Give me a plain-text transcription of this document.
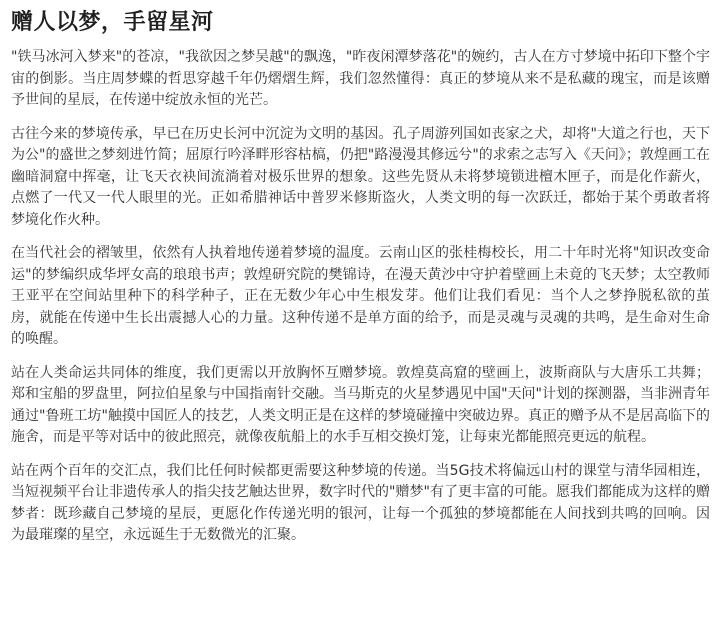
赠人以梦，手留星河

"铁马冰河入梦来"的苍凉，"我欲因之梦吴越"的飘逸，"昨夜闲潭梦落花"的婉约，古人在方寸梦境中拓印下整个宇宙的倒影。当庄周梦蝶的哲思穿越千年仍熠熠生辉，我们忽然懂得：真正的梦境从来不是私藏的瑰宝，而是该赠予世间的星辰，在传递中绽放永恒的光芒。

古往今来的梦境传承，早已在历史长河中沉淀为文明的基因。孔子周游列国如丧家之犬，却将"大道之行也，天下为公"的盛世之梦刻进竹简；屈原行吟泽畔形容枯槁，仍把"路漫漫其修远兮"的求索之志写入《天问》；敦煌画工在幽暗洞窟中挥毫，让飞天衣袂间流淌着对极乐世界的想象。这些先贤从未将梦境锁进檀木匣子，而是化作薪火，点燃了一代又一代人眼里的光。正如希腊神话中普罗米修斯盗火，人类文明的每一次跃迁，都始于某个勇敢者将梦境化作火种。

在当代社会的褶皱里，依然有人执着地传递着梦境的温度。云南山区的张桂梅校长，用二十年时光将"知识改变命运"的梦编织成华坪女高的琅琅书声；敦煌研究院的樊锦诗，在漫天黄沙中守护着壁画上未竟的飞天梦；太空教师王亚平在空间站里种下的科学种子，正在无数少年心中生根发芽。他们让我们看见：当个人之梦挣脱私欲的茧房，就能在传递中生长出震撼人心的力量。这种传递不是单方面的给予，而是灵魂与灵魂的共鸣，是生命对生命的唤醒。

站在人类命运共同体的维度，我们更需以开放胸怀互赠梦境。敦煌莫高窟的壁画上，波斯商队与大唐乐工共舞；郑和宝船的罗盘里，阿拉伯星象与中国指南针交融。当马斯克的火星梦遇见中国"天问"计划的探测器，当非洲青年通过"鲁班工坊"触摸中国匠人的技艺，人类文明正是在这样的梦境碰撞中突破边界。真正的赠予从不是居高临下的施舍，而是平等对话中的彼此照亮，就像夜航船上的水手互相交换灯笼，让每束光都能照亮更远的航程。

站在两个百年的交汇点，我们比任何时候都更需要这种梦境的传递。当5G技术将偏远山村的课堂与清华园相连，当短视频平台让非遗传承人的指尖技艺触达世界，数字时代的"赠梦"有了更丰富的可能。愿我们都能成为这样的赠梦者：既珍藏自己梦境的星辰，更愿化作传递光明的银河，让每一个孤独的梦境都能在人间找到共鸣的回响。因为最璀璨的星空，永远诞生于无数微光的汇聚。
